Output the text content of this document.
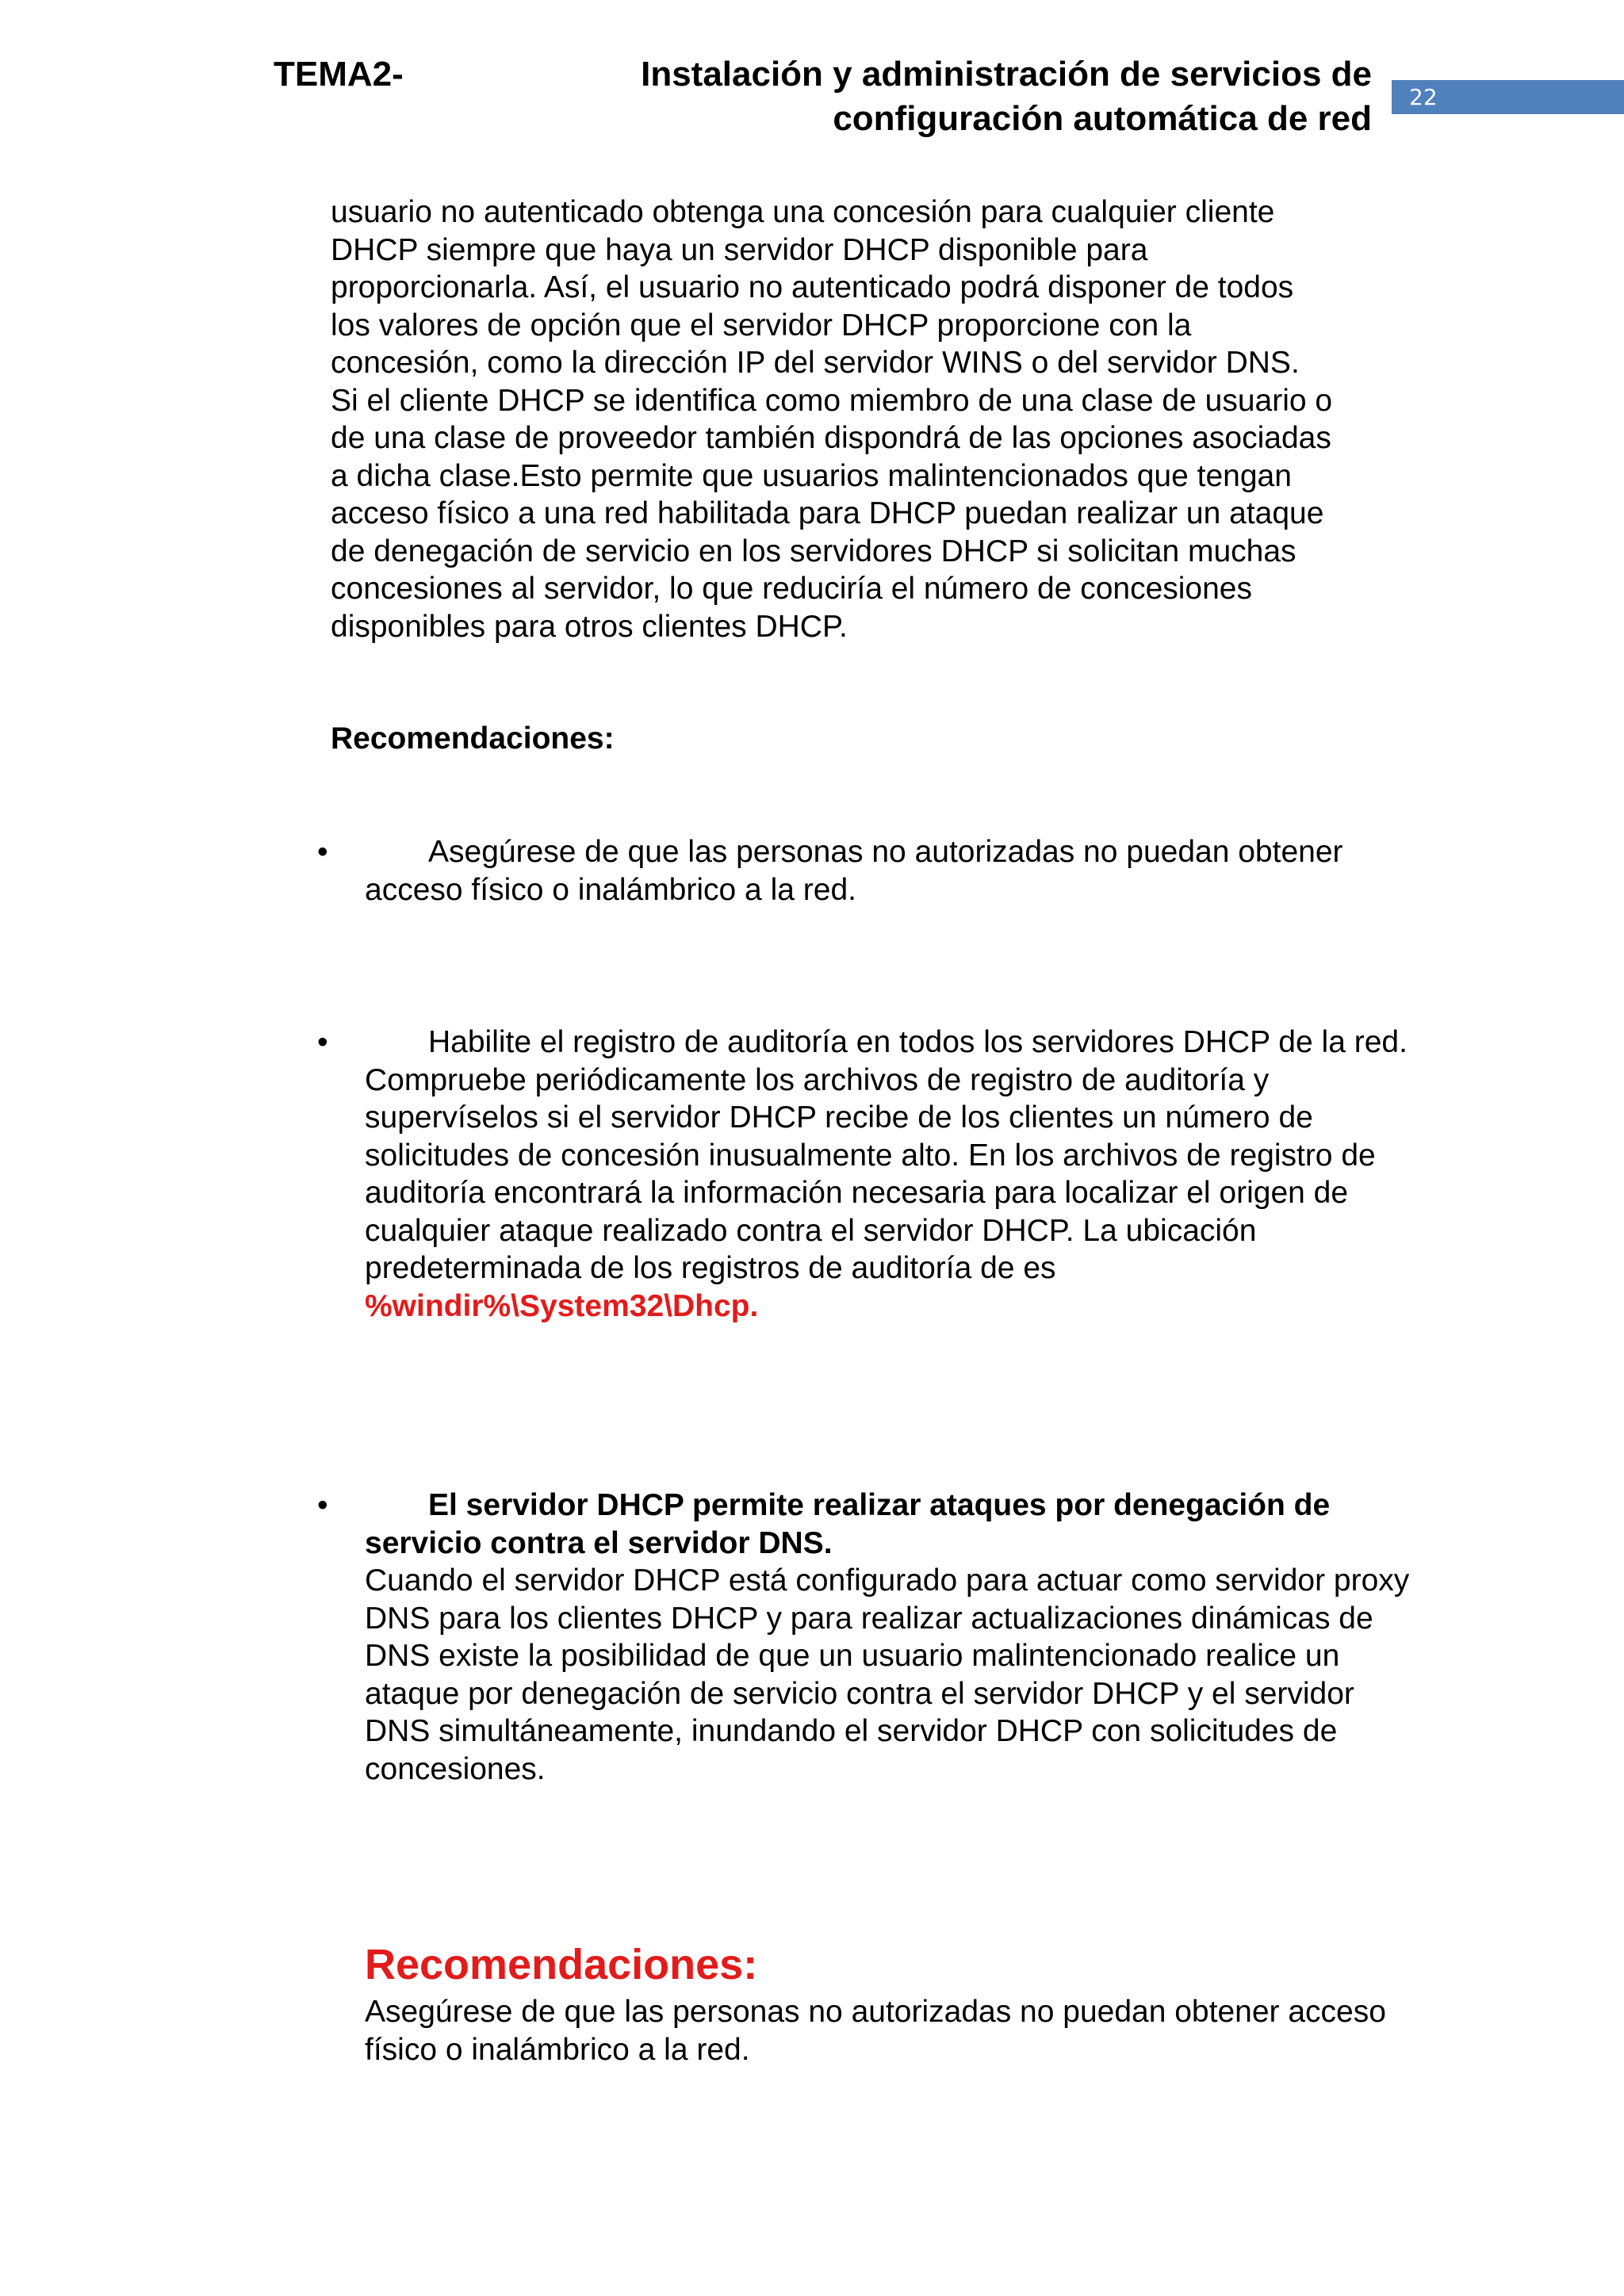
TEMA2-	Instalación y administración de servicios de
configuración automática de red
22

usuario no autenticado obtenga una concesión para cualquier cliente

DHCP siempre que haya un servidor DHCP disponible para

proporcionarla. Así, el usuario no autenticado podrá disponer de todos

los valores de opción que el servidor DHCP proporcione con la

concesión, como la dirección IP del servidor WINS o del servidor DNS.

Si el cliente DHCP se identifica como miembro de una clase de usuario o

de una clase de proveedor también dispondrá de las opciones asociadas

a dicha clase.Esto permite que usuarios malintencionados que tengan

acceso físico a una red habilitada para DHCP puedan realizar un ataque

de denegación de servicio en los servidores DHCP si solicitan muchas

concesiones al servidor, lo que reduciría el número de concesiones

disponibles para otros clientes DHCP.

Recomendaciones:
•	Asegúrese de que las personas no autorizadas no puedan obtener acceso físico o inalámbrico a la red.
•	Habilite el registro de auditoría en todos los servidores DHCP de la red. Compruebe periódicamente los archivos de registro de auditoría y supervíselos si el servidor DHCP recibe de los clientes un número de solicitudes de concesión inusualmente alto. En los archivos de registro de auditoría encontrará la información necesaria para localizar el origen de cualquier ataque realizado contra el servidor DHCP. La ubicación predeterminada de los registros de auditoría de es %windir%\System32\Dhcp.
•	El servidor DHCP permite realizar ataques por denegación de servicio contra el servidor DNS.
Cuando el servidor DHCP está configurado para actuar como servidor proxy DNS para los clientes DHCP y para realizar actualizaciones dinámicas de DNS existe la posibilidad de que un usuario malintencionado realice un ataque por denegación de servicio contra el servidor DHCP y el servidor DNS simultáneamente, inundando el servidor DHCP con solicitudes de concesiones.
Recomendaciones:
Asegúrese de que las personas no autorizadas no puedan obtener acceso físico o inalámbrico a la red.
